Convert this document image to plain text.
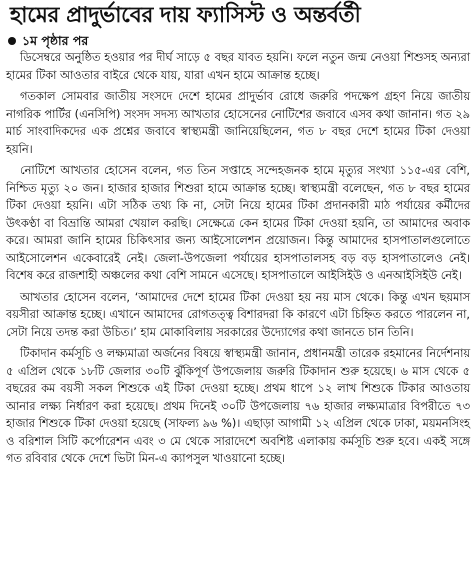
হামের প্রাদুর্ভাবের দায় ফ্যাসিস্ট ও অন্তর্বর্তী
১ম পৃষ্ঠার পর

ডিসেম্বরে অনুষ্ঠিত হওয়ার পর দীর্ঘ সাড়ে ৫ বছর যাবত হয়নি। ফলে নতুন জন্ম নেওয়া শিশুসহ অন্যরা হামের টিকা আওতার বাইরে থেকে যায়, যারা এখন হামে আক্রান্ত হচ্ছে।

গতকাল সোমবার জাতীয় সংসদে দেশে হামের প্রাদুর্ভাব রোধে জরুরি পদক্ষেপ গ্রহণ নিয়ে জাতীয় নাগরিক পার্টির (এনসিপি) সংসদ সদস্য আখতার হোসেনের নোটিশের জবাবে এসব কথা জানান। গত ২৯ মার্চ সাংবাদিকদের এক প্রশ্নের জবাবে স্বাস্থ্যমন্ত্রী জানিয়েছিলেন, গত ৮ বছর দেশে হামের টিকা দেওয়া হয়নি।

নোটিশে আখতার হোসেন বলেন, গত তিন সপ্তাহে সন্দেহজনক হামে মৃত্যুর সংখ্যা ১১৫-এর বেশি, নিশ্চিত মৃত্যু ২০ জন। হাজার হাজার শিশুরা হামে আক্রান্ত হচ্ছে। স্বাস্থ্যমন্ত্রী বলেছেন, গত ৮ বছর হামের টিকা দেওয়া হয়নি। এটা সঠিক তথ্য কি না, সেটা নিয়ে হামের টিকা প্রদানকারী মাঠ পর্যায়ের কর্মীদের উৎকণ্ঠা বা বিভ্রান্তি আমরা খেয়াল করছি। সেক্ষেত্রে কেন হামের টিকা দেওয়া হয়নি, তা আমাদের অবাক করে। আমরা জানি হামের চিকিৎসার জন্য আইসোলেশন প্রয়োজন। কিন্তু আমাদের হাসপাতালগুলোতে আইসোলেশন একেবারেই নেই। জেলা-উপজেলা পর্যায়ের হাসপাতালসহ বড় বড় হাসপাতালেও নেই। বিশেষ করে রাজশাহী অঞ্চলের কথা বেশি সামনে এসেছে। হাসপাতালে আইসিইউ ও এনআইসিইউ নেই।

আখতার হোসেন বলেন, ‘আমাদের দেশে হামের টিকা দেওয়া হয় নয় মাস থেকে। কিন্তু এখন ছয়মাস বয়সীরা আক্রান্ত হচ্ছে। এখানে আমাদের রোগতত্ত্ব বিশারদরা কি কারণে এটা চিহ্নিত করতে পারলেন না, সেটা নিয়ে তদন্ত করা উচিত।’ হাম মোকাবিলায় সরকারের উদ্যোগের কথা জানতে চান তিনি।

টিকাদান কর্মসূচি ও লক্ষ্যমাত্রা অর্জনের বিষয়ে স্বাস্থ্যমন্ত্রী জানান, প্রধানমন্ত্রী তারেক রহমানের নির্দেশনায় ৫ এপ্রিল থেকে ১৮টি জেলার ৩০টি ঝুঁকিপূর্ণ উপজেলায় জরুরি টিকাদান শুরু হয়েছে। ৬ মাস থেকে ৫ বছরের কম বয়সী সকল শিশুকে এই টিকা দেওয়া হচ্ছে। প্রথম ধাপে ১২ লাখ শিশুকে টিকার আওতায় আনার লক্ষ্য নির্ধারণ করা হয়েছে। প্রথম দিনেই ৩০টি উপজেলায় ৭৬ হাজার লক্ষ্যমাত্রার বিপরীতে ৭৩ হাজার শিশুকে টিকা দেওয়া হয়েছে (সাফল্য ৯৬ %)। এছাড়া আগামী ১২ এপ্রিল থেকে ঢাকা, ময়মনসিংহ ও বরিশাল সিটি কর্পোরেশন এবং ৩ মে থেকে সারাদেশে অবশিষ্ট এলাকায় কর্মসূচি শুরু হবে। একই সঙ্গে গত রবিবার থেকে দেশে ভিটা মিন-এ ক্যাপসুল খাওয়ানো হচ্ছে।
